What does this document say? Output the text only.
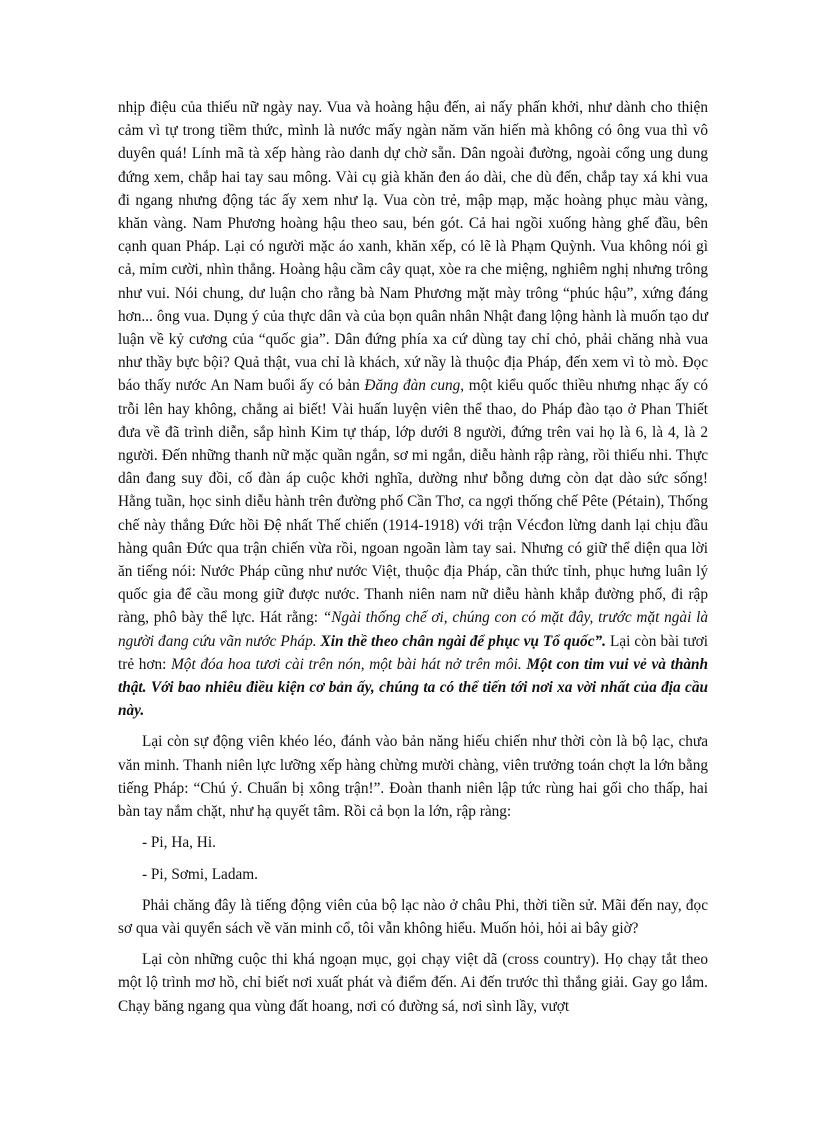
nhịp điệu của thiếu nữ ngày nay. Vua và hoàng hậu đến, ai nấy phấn khởi, như dành cho thiện cảm vì tự trong tiềm thức, mình là nước mấy ngàn năm văn hiến mà không có ông vua thì vô duyên quá! Lính mã tà xếp hàng rào danh dự chờ sẵn. Dân ngoài đường, ngoài cổng ung dung đứng xem, chắp hai tay sau mông. Vài cụ già khăn đen áo dài, che dù đến, chắp tay xá khi vua đi ngang nhưng động tác ấy xem như lạ. Vua còn trẻ, mập mạp, mặc hoàng phục màu vàng, khăn vàng. Nam Phương hoàng hậu theo sau, bén gót. Cả hai ngồi xuống hàng ghế đầu, bên cạnh quan Pháp. Lại có người mặc áo xanh, khăn xếp, có lẽ là Phạm Quỳnh. Vua không nói gì cả, mỉm cười, nhìn thẳng. Hoàng hậu cầm cây quạt, xòe ra che miệng, nghiêm nghị nhưng trông như vui. Nói chung, dư luận cho rằng bà Nam Phương mặt mày trông “phúc hậu”, xứng đáng hơn... ông vua. Dụng ý của thực dân và của bọn quân nhân Nhật đang lộng hành là muốn tạo dư luận về kỷ cương của “quốc gia”. Dân đứng phía xa cứ dùng tay chỉ chỏ, phải chăng nhà vua như thầy bực bội? Quả thật, vua chỉ là khách, xứ nầy là thuộc địa Pháp, đến xem vì tò mò. Đọc báo thấy nước An Nam buổi ấy có bản Đăng đàn cung, một kiểu quốc thiều nhưng nhạc ấy có trỗi lên hay không, chẳng ai biết! Vài huấn luyện viên thể thao, do Pháp đào tạo ở Phan Thiết đưa về đã trình diễn, sắp hình Kim tự tháp, lớp dưới 8 người, đứng trên vai họ là 6, là 4, là 2 người. Đến những thanh nữ mặc quần ngắn, sơ mi ngắn, diễu hành rập ràng, rồi thiếu nhi. Thực dân đang suy đồi, cố đàn áp cuộc khởi nghĩa, dường như bỗng dưng còn dạt dào sức sống! Hằng tuần, học sinh diễu hành trên đường phố Cần Thơ, ca ngợi thống chế Pête (Pétain), Thống chế này thắng Đức hồi Đệ nhất Thế chiến (1914-1918) với trận Vécđon lừng danh lại chịu đầu hàng quân Đức qua trận chiến vừa rồi, ngoan ngoãn làm tay sai. Nhưng có giữ thể diện qua lời ăn tiếng nói: Nước Pháp cũng như nước Việt, thuộc địa Pháp, cần thức tỉnh, phục hưng luân lý quốc gia để cầu mong giữ được nước. Thanh niên nam nữ diễu hành khắp đường phố, đi rập ràng, phô bày thể lực. Hát rằng: “Ngài thống chế ơi, chúng con có mặt đây, trước mặt ngài là người đang cứu vãn nước Pháp. Xin thề theo chân ngài để phục vụ Tổ quốc”. Lại còn bài tươi trẻ hơn: Một đóa hoa tươi cài trên nón, một bài hát nở trên môi. Một con tim vui vẻ và thành thật. Với bao nhiêu điều kiện cơ bản ấy, chúng ta có thể tiến tới nơi xa vời nhất của địa cầu này.

Lại còn sự động viên khéo léo, đánh vào bản năng hiếu chiến như thời còn là bộ lạc, chưa văn minh. Thanh niên lực lưỡng xếp hàng chừng mười chàng, viên trưởng toán chợt la lớn bằng tiếng Pháp: “Chú ý. Chuẩn bị xông trận!”. Đoàn thanh niên lập tức rùng hai gối cho thấp, hai bàn tay nắm chặt, như hạ quyết tâm. Rồi cả bọn la lớn, rập ràng:

- Pi, Ha, Hi.

- Pi, Sơmi, Ladam.

Phải chăng đây là tiếng động viên của bộ lạc nào ở châu Phi, thời tiền sử. Mãi đến nay, đọc sơ qua vài quyển sách về văn minh cổ, tôi vẫn không hiểu. Muốn hỏi, hỏi ai bây giờ?

Lại còn những cuộc thi khá ngoạn mục, gọi chạy việt dã (cross country). Họ chạy tắt theo một lộ trình mơ hồ, chỉ biết nơi xuất phát và điểm đến. Ai đến trước thì thắng giải. Gay go lắm. Chạy băng ngang qua vùng đất hoang, nơi có đường sá, nơi sình lầy, vượt
